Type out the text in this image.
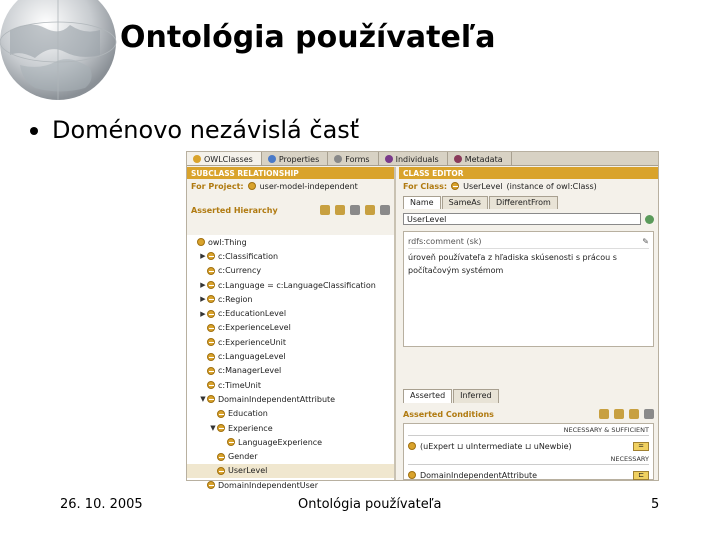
Ontológia používateľa
Doménovo nezávislá časť
OWLClasses	Properties	Forms	Individuals	Metadata
SUBCLASS RELATIONSHIP
For Project: user-model-independent
Asserted Hierarchy
owl:Thing
▶ c:Classification
c:Currency
▶ c:Language = c:LanguageClassification
▶ c:Region
▶ c:EducationLevel
c:ExperienceLevel
c:ExperienceUnit
c:LanguageLevel
c:ManagerLevel
c:TimeUnit
▼ DomainIndependentAttribute
Education
▼ Experience
LanguageExperience
Gender
UserLevel
DomainIndependentUser
CLASS EDITOR
For Class: UserLevel (instance of owl:Class)
Name	SameAs	DifferentFrom
UserLevel
rdfs:comment (sk)	✎
úroveň používateľa z hľadiska skúsenosti s prácou s počítačovým systémom
Asserted	Inferred
Asserted Conditions
NECESSARY & SUFFICIENT
(uExpert ⊔ uIntermediate ⊔ uNewbie)	=
NECESSARY
DomainIndependentAttribute	⊏
26. 10. 2005	Ontológia používateľa	5
